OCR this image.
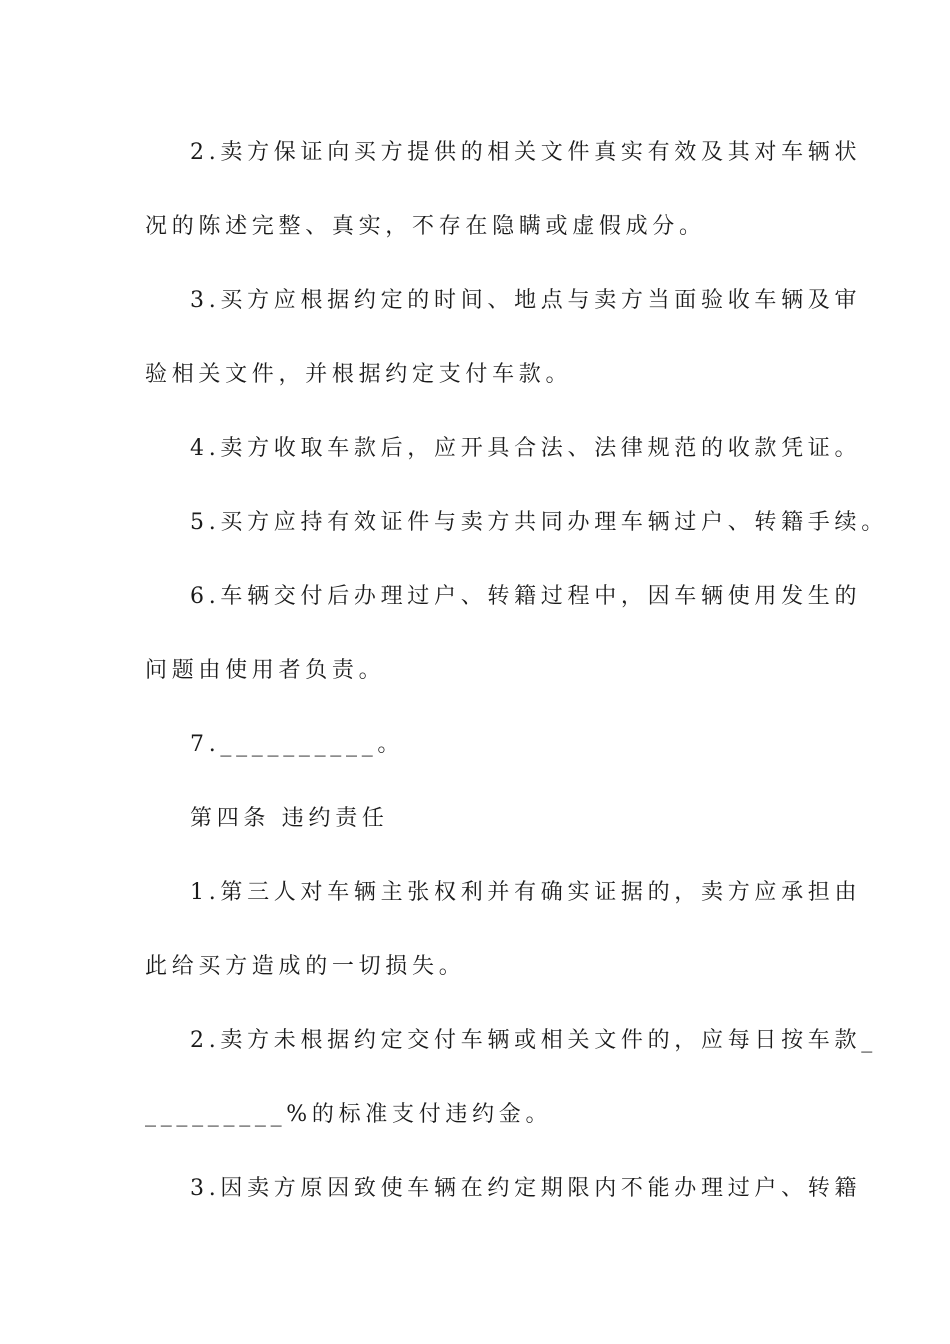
2.卖方保证向买方提供的相关文件真实有效及其对车辆状
况的陈述完整、真实，不存在隐瞒或虚假成分。
3.买方应根据约定的时间、地点与卖方当面验收车辆及审
验相关文件，并根据约定支付车款。
4.卖方收取车款后，应开具合法、法律规范的收款凭证。
5.买方应持有效证件与卖方共同办理车辆过户、转籍手续。
6.车辆交付后办理过户、转籍过程中，因车辆使用发生的
问题由使用者负责。
7.__________。
第四条 违约责任
1.第三人对车辆主张权利并有确实证据的，卖方应承担由
此给买方造成的一切损失。
2.卖方未根据约定交付车辆或相关文件的，应每日按车款_
_________%的标准支付违约金。
3.因卖方原因致使车辆在约定期限内不能办理过户、转籍
